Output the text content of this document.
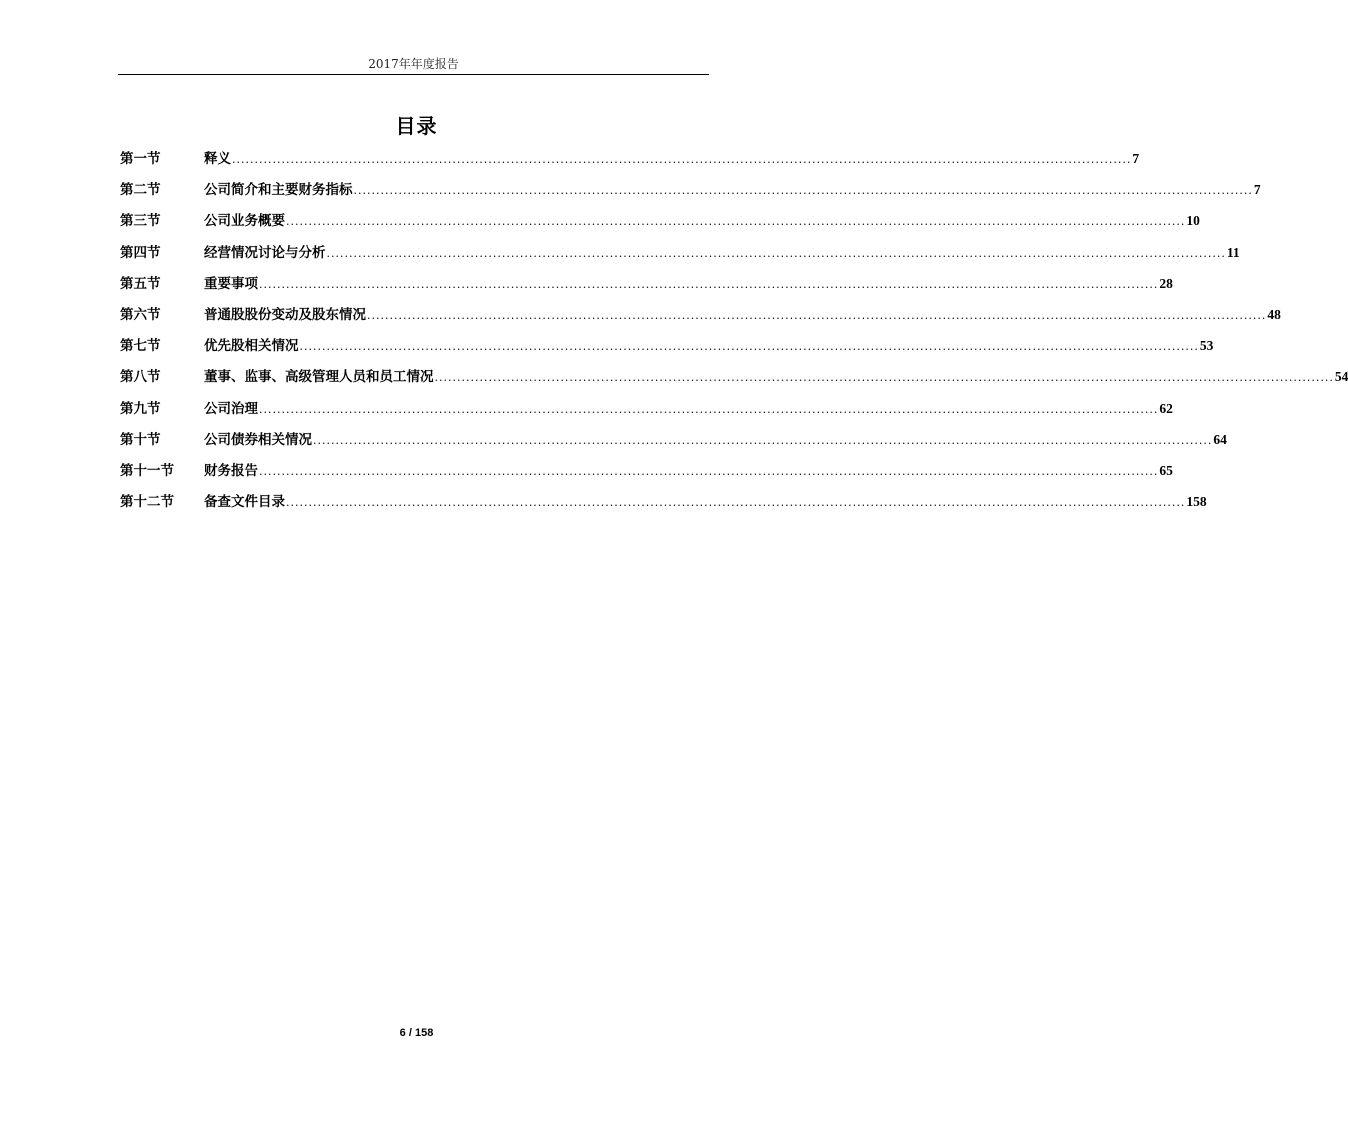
2017年年度报告
目录
第一节	释义 ........................................................................................................................................................................................................ 7
第二节	公司简介和主要财务指标 ........................................................................................................................................................................................................ 7
第三节	公司业务概要 ........................................................................................................................................................................................................ 10
第四节	经营情况讨论与分析 ........................................................................................................................................................................................................ 11
第五节	重要事项 ........................................................................................................................................................................................................ 28
第六节	普通股股份变动及股东情况 ........................................................................................................................................................................................................ 48
第七节	优先股相关情况 ........................................................................................................................................................................................................ 53
第八节	董事、监事、高级管理人员和员工情况 ........................................................................................................................................................................................................ 54
第九节	公司治理 ........................................................................................................................................................................................................ 62
第十节	公司债券相关情况 ........................................................................................................................................................................................................ 64
第十一节	财务报告 ........................................................................................................................................................................................................ 65
第十二节	备查文件目录 ........................................................................................................................................................................................................ 158
6 / 158
